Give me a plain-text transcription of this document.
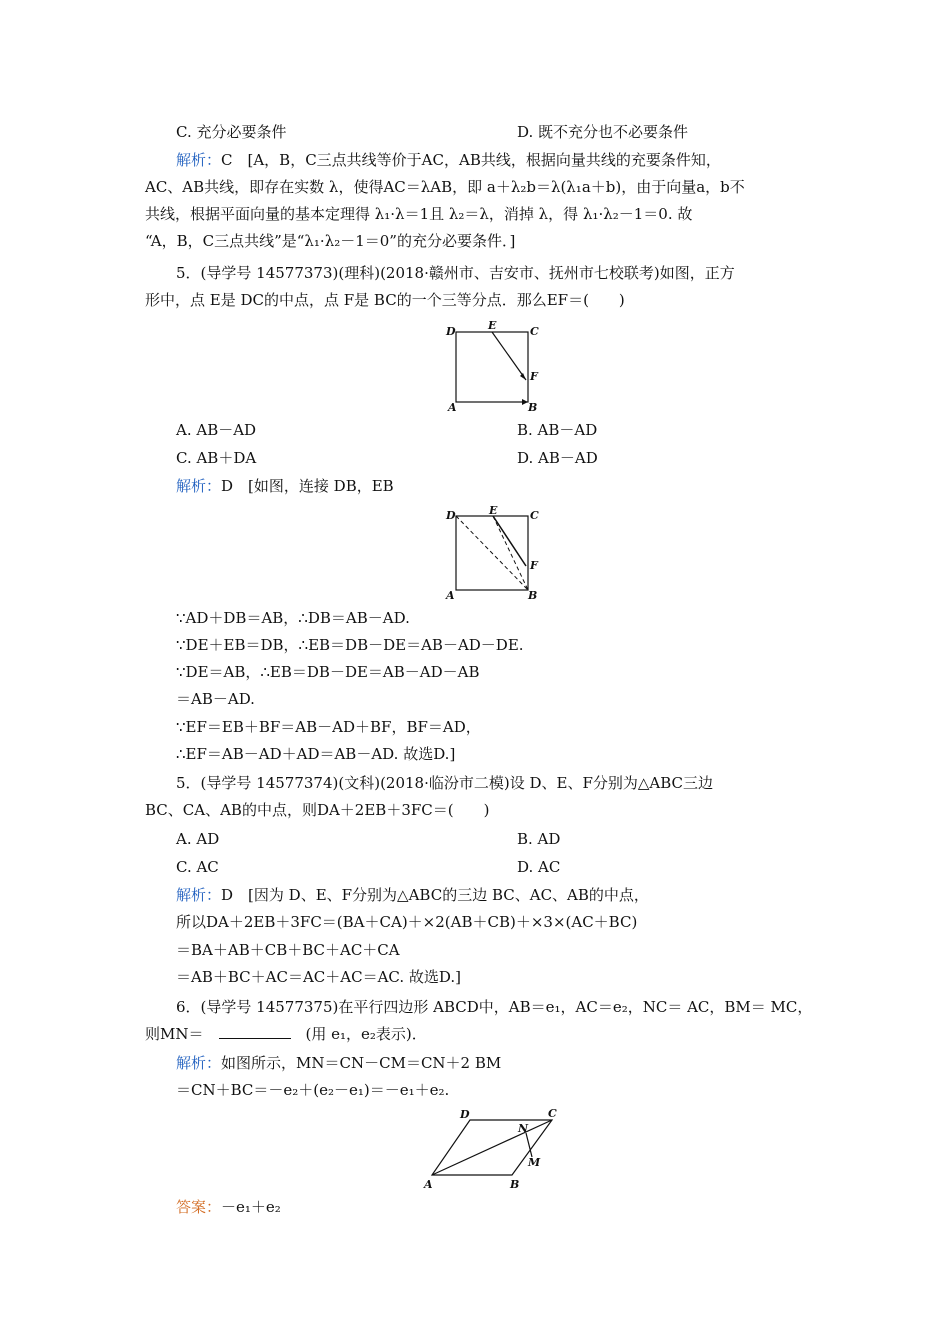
C. 充分必要条件	D. 既不充分也不必要条件
解析：C　[A，B，C三点共线等价于AC，AB共线，根据向量共线的充要条件知，
AC、AB共线，即存在实数 λ，使得AC＝λAB，即 a＋λ₂b＝λ(λ₁a＋b)，由于向量a，b不
共线，根据平面向量的基本定理得 λ₁·λ＝1且 λ₂＝λ，消掉 λ，得 λ₁·λ₂－1＝0. 故
“A，B，C三点共线”是“λ₁·λ₂－1＝0”的充分必要条件．]
5．(导学号 14577373)(理科)(2018·赣州市、吉安市、抚州市七校联考)如图，正方
形中，点 E是 DC的中点，点 F是 BC的一个三等分点．那么EF＝(　　)
D	E	C
F
A	B
A. AB－AD	B. AB－AD
C. AB＋DA	D. AB－AD
解析：D　[如图，连接 DB，EB
D	E	C
F
A	B
∵AD＋DB＝AB，∴DB＝AB－AD.
∵DE＋EB＝DB，∴EB＝DB－DE＝AB－AD－DE.
∵DE＝AB，∴EB＝DB－DE＝AB－AD－AB
＝AB－AD.
∵EF＝EB＋BF＝AB－AD＋BF，BF＝AD，
∴EF＝AB－AD＋AD＝AB－AD. 故选D.]
5．(导学号 14577374)(文科)(2018·临汾市二模)设 D、E、F分别为△ABC三边
BC、CA、AB的中点，则DA＋2EB＋3FC＝(　　)
A. AD	B. AD
C. AC	D. AC
解析：D　[因为 D、E、F分别为△ABC的三边 BC、AC、AB的中点，
所以DA＋2EB＋3FC＝(BA＋CA)＋×2(AB＋CB)＋×3×(AC＋BC)
＝BA＋AB＋CB＋BC＋AC＋CA
＝AB＋BC＋AC＝AC＋AC＝AC. 故选D.]
6．(导学号 14577375)在平行四边形 ABCD中，AB＝e₁，AC＝e₂，NC＝ AC，BM＝ MC，
则MN＝　　	(用 e₁，e₂表示)．
解析：如图所示，MN＝CN－CM＝CN＋2 BM
＝CN＋BC＝－e₂＋(e₂－e₁)＝－e₁＋e₂.
D	C
N
M
A	B
答案：－e₁＋e₂
